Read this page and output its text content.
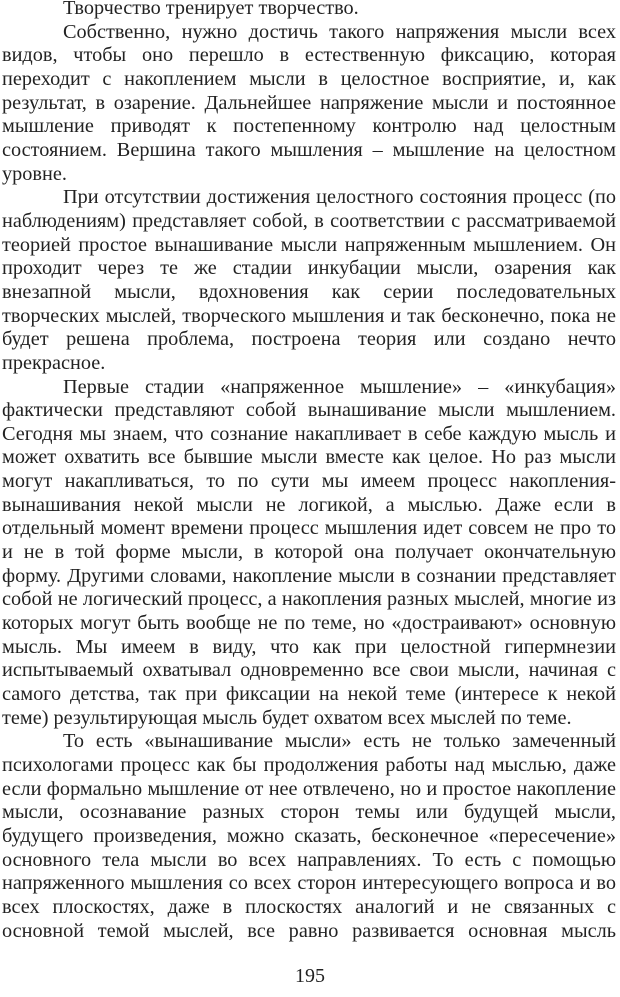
Творчество тренирует творчество.

Собственно, нужно достичь такого напряжения мысли всех видов, чтобы оно перешло в естественную фиксацию, которая переходит с накоплением мысли в целостное восприятие, и, как результат, в озарение. Дальнейшее напряжение мысли и постоянное мышление приводят к постепенному контролю над целостным состоянием. Вершина такого мышления – мышление на целостном уровне.

При отсутствии достижения целостного состояния процесс (по наблюдениям) представляет собой, в соответствии с рассматриваемой теорией простое вынашивание мысли напряженным мышлением. Он проходит через те же стадии инкубации мысли, озарения как внезапной мысли, вдохновения как серии последовательных творческих мыслей, творческого мышления и так бесконечно, пока не будет решена проблема, построена теория или создано нечто прекрасное.

Первые стадии «напряженное мышление» – «инкубация» фактически представляют собой вынашивание мысли мышлением. Сегодня мы знаем, что сознание накапливает в себе каждую мысль и может охватить все бывшие мысли вместе как целое. Но раз мысли могут накапливаться, то по сути мы имеем процесс накопления-вынашивания некой мысли не логикой, а мыслью. Даже если в отдельный момент времени процесс мышления идет совсем не про то и не в той форме мысли, в которой она получает окончательную форму. Другими словами, накопление мысли в сознании представляет собой не логический процесс, а накопления разных мыслей, многие из которых могут быть вообще не по теме, но «достраивают» основную мысль. Мы имеем в виду, что как при целостной гипермнезии испытываемый охватывал одновременно все свои мысли, начиная с самого детства, так при фиксации на некой теме (интересе к некой теме) результирующая мысль будет охватом всех мыслей по теме.

То есть «вынашивание мысли» есть не только замеченный психологами процесс как бы продолжения работы над мыслью, даже если формально мышление от нее отвлечено, но и простое накопление мысли, осознавание разных сторон темы или будущей мысли, будущего произведения, можно сказать, бесконечное «пересечение» основного тела мысли во всех направлениях. То есть с помощью напряженного мышления со всех сторон интересующего вопроса и во всех плоскостях, даже в плоскостях аналогий и не связанных с основной темой мыслей, все равно развивается основная мысль

195
